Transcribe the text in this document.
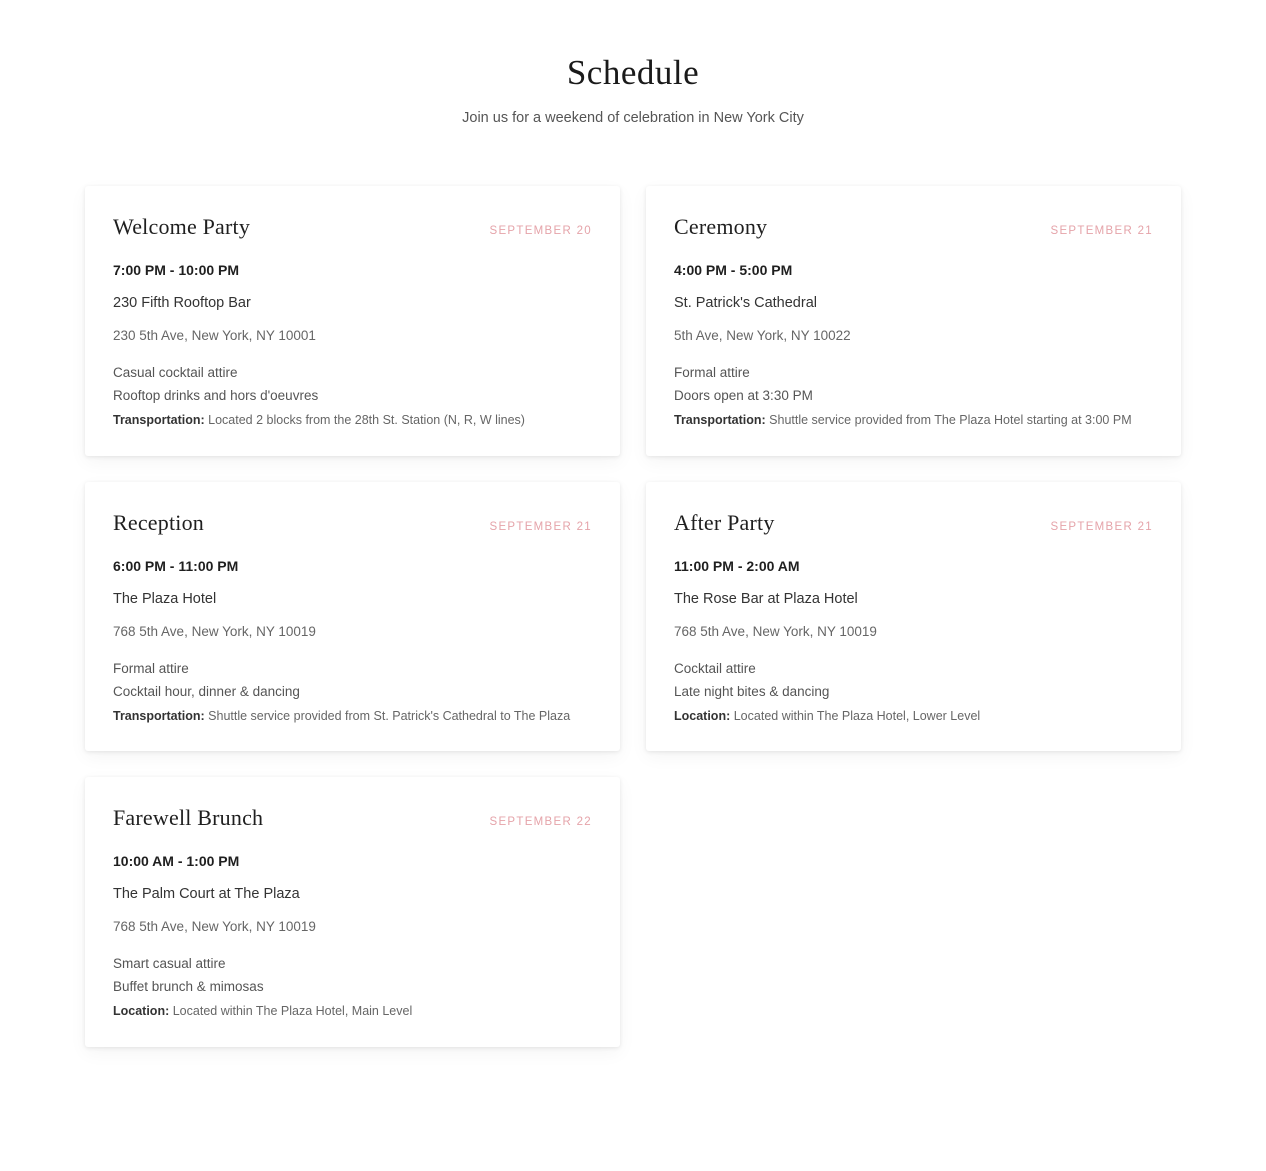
Schedule

Join us for a weekend of celebration in New York City

Welcome Party	SEPTEMBER 20
7:00 PM - 10:00 PM
230 Fifth Rooftop Bar
230 5th Ave, New York, NY 10001
Casual cocktail attire
Rooftop drinks and hors d'oeuvres
Transportation: Located 2 blocks from the 28th St. Station (N, R, W lines)
Ceremony	SEPTEMBER 21
4:00 PM - 5:00 PM
St. Patrick's Cathedral
5th Ave, New York, NY 10022
Formal attire
Doors open at 3:30 PM
Transportation: Shuttle service provided from The Plaza Hotel starting at 3:00 PM
Reception	SEPTEMBER 21
6:00 PM - 11:00 PM
The Plaza Hotel
768 5th Ave, New York, NY 10019
Formal attire
Cocktail hour, dinner & dancing
Transportation: Shuttle service provided from St. Patrick's Cathedral to The Plaza
After Party	SEPTEMBER 21
11:00 PM - 2:00 AM
The Rose Bar at Plaza Hotel
768 5th Ave, New York, NY 10019
Cocktail attire
Late night bites & dancing
Location: Located within The Plaza Hotel, Lower Level
Farewell Brunch	SEPTEMBER 22
10:00 AM - 1:00 PM
The Palm Court at The Plaza
768 5th Ave, New York, NY 10019
Smart casual attire
Buffet brunch & mimosas
Location: Located within The Plaza Hotel, Main Level
